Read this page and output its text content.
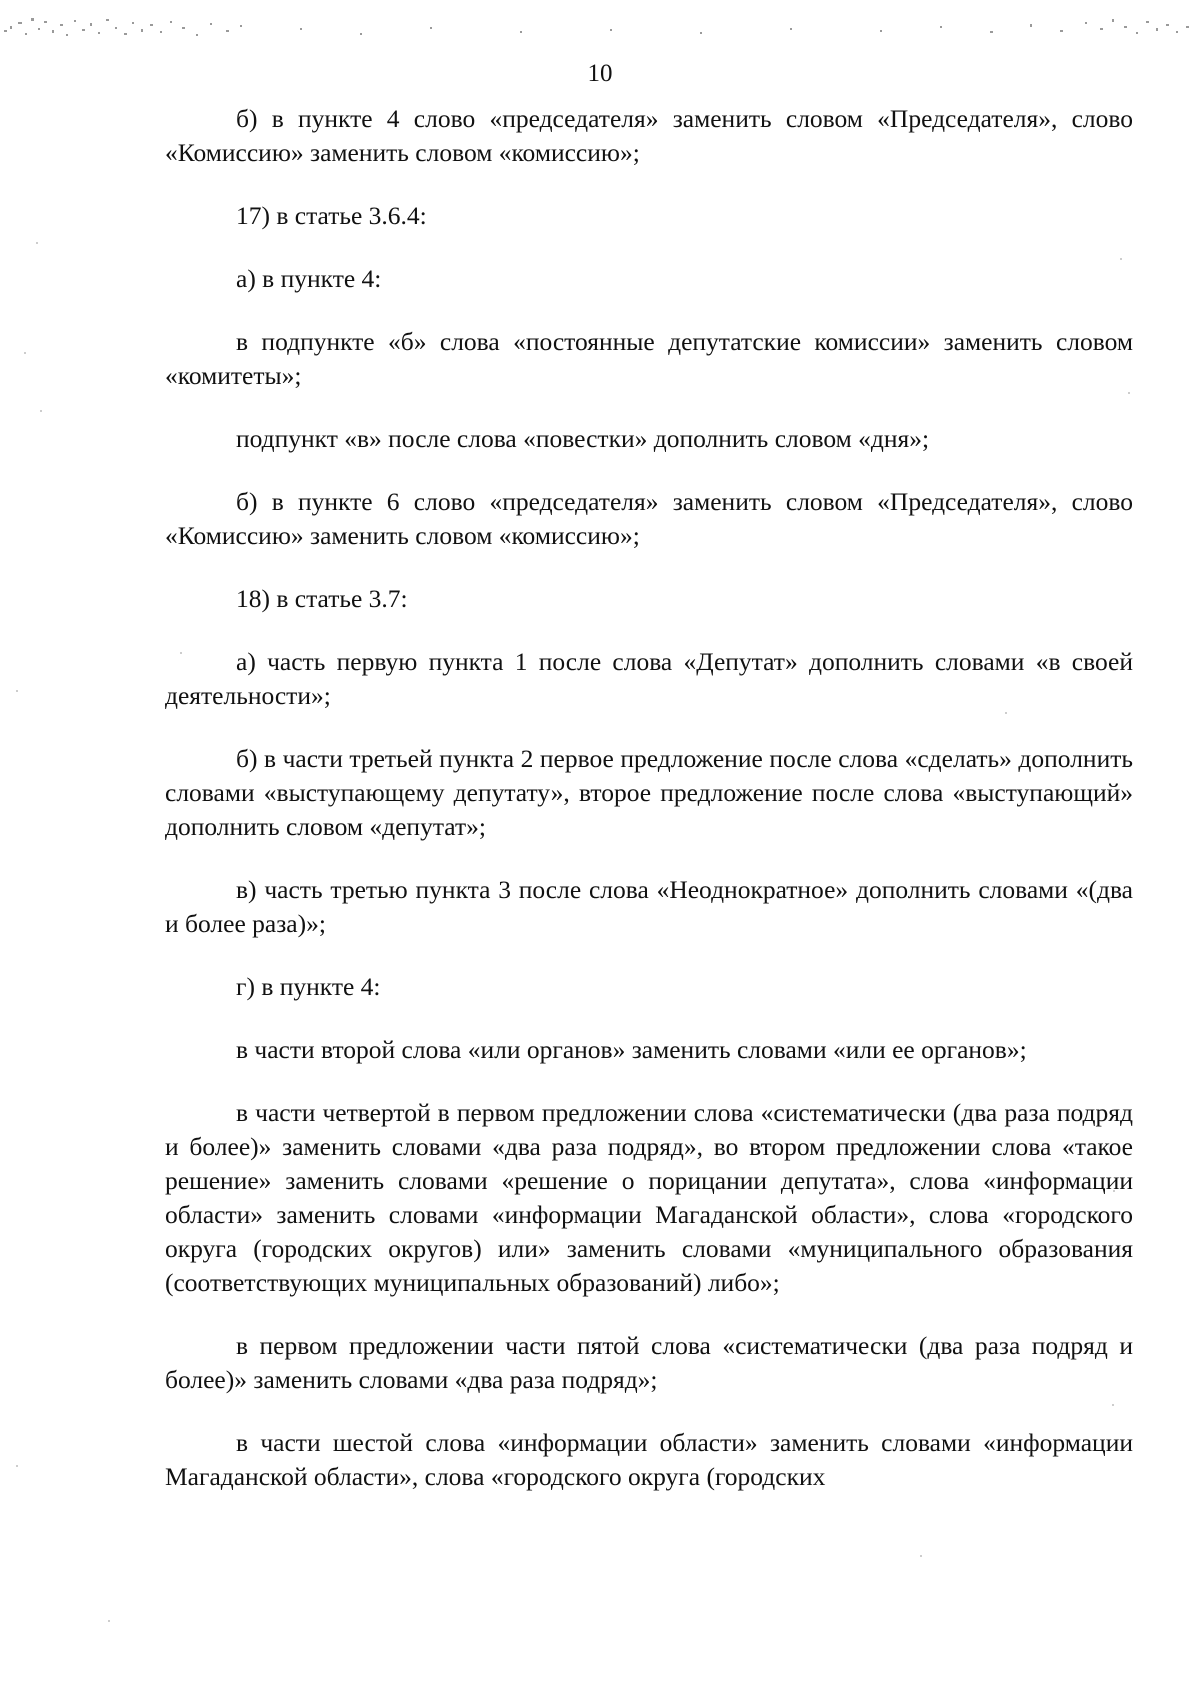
10

б) в пункте 4 слово «председателя» заменить словом «Председателя», слово «Комиссию» заменить словом «комиссию»;

17) в статье 3.6.4:

а) в пункте 4:

в подпункте «б» слова «постоянные депутатские комиссии» заменить словом «комитеты»;

подпункт «в» после слова «повестки» дополнить словом «дня»;

б) в пункте 6 слово «председателя» заменить словом «Председателя», слово «Комиссию» заменить словом «комиссию»;

18) в статье 3.7:

а) часть первую пункта 1 после слова «Депутат» дополнить словами «в своей деятельности»;

б) в части третьей пункта 2 первое предложение после слова «сделать» дополнить словами «выступающему депутату», второе предложение после слова «выступающий» дополнить словом «депутат»;

в) часть третью пункта 3 после слова «Неоднократное» дополнить словами «(два и более раза)»;

г) в пункте 4:

в части второй слова «или органов» заменить словами «или ее органов»;

в части четвертой в первом предложении слова «систематически (два раза подряд и более)» заменить словами «два раза подряд», во втором предложении слова «такое решение» заменить словами «решение о порицании депутата», слова «информации области» заменить словами «информации Магаданской области», слова «городского округа (городских округов) или» заменить словами «муниципального образования (соответствующих муниципальных образований) либо»;

в первом предложении части пятой слова «систематически (два раза подряд и более)» заменить словами «два раза подряд»;

в части шестой слова «информации области» заменить словами «информации Магаданской области», слова «городского округа (городских
